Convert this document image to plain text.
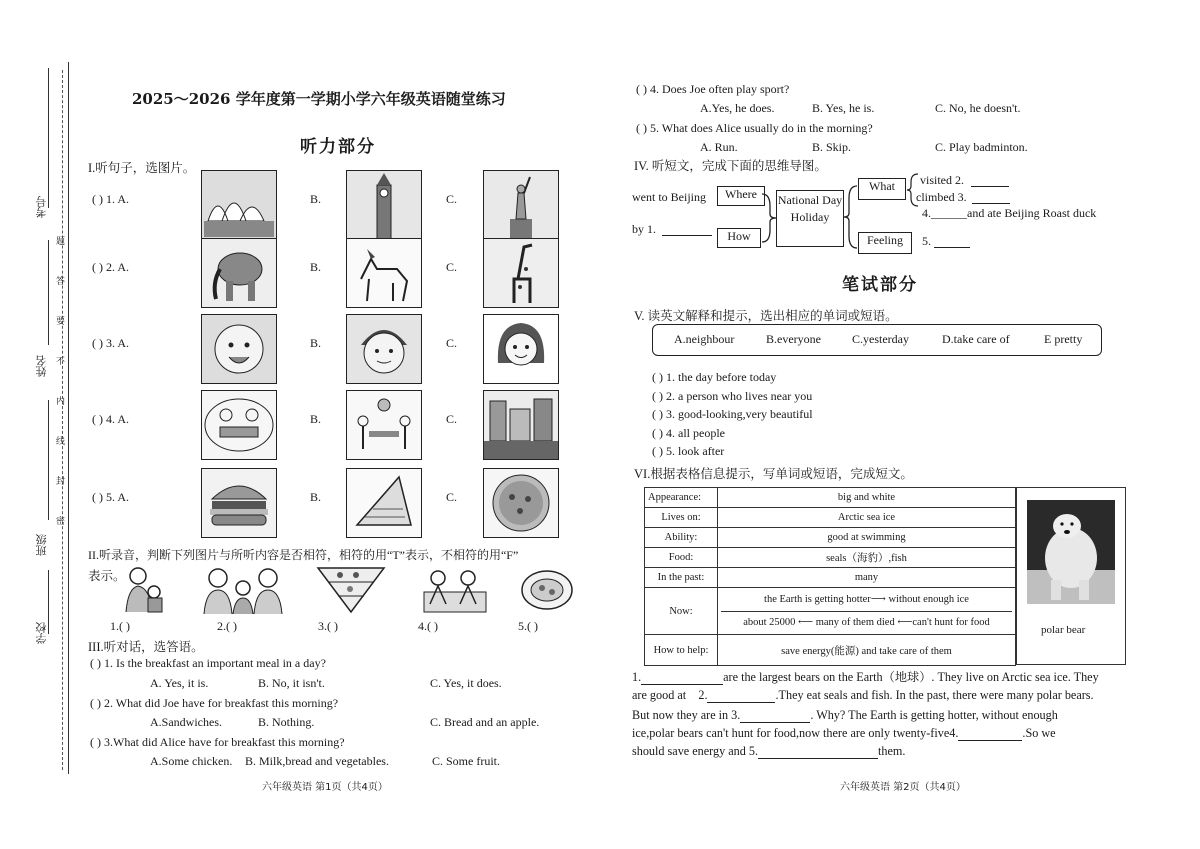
考号
姓名
班级
学校
题
答
要
不
内
线
封
密
2025～2026 学年度第一学期小学六年级英语随堂练习
听力部分
I.听句子，选图片。
( ) 1. A.	B.	C.
( ) 2. A.	B.	C.
( ) 3. A.	B.	C.
( ) 4. A.	B.	C.
( ) 5. A.	B.	C.
II.听录音，判断下列图片与所听内容是否相符，相符的用“T”表示，不相符的用“F”
表示。
1.( )	2.( )	3.( )	4.( )	5.( )
III.听对话，选答语。
( ) 1. Is the breakfast an important meal in a day?
A. Yes, it is.	B. No, it isn't.	C. Yes, it does.
( ) 2. What did Joe have for breakfast this morning?
A.Sandwiches.	B. Nothing.	C. Bread and an apple.
( ) 3.What did Alice have for breakfast this morning?
A.Some chicken. B. Milk,bread and vegetables.	C. Some fruit.
六年级英语 第1页（共4页）
( ) 4. Does Joe often play sport?
A.Yes, he does.	B. Yes, he is.	C. No, he doesn't.
( ) 5. What does Alice usually do in the morning?
A. Run.	B. Skip.	C. Play badminton.
IV. 听短文，完成下面的思维导图。
went to Beijing
by 1.
Where
How
National Day Holiday
What
Feeling
visited 2.
climbed 3.
4.______and ate Beijing Roast duck
5.
笔试部分
V. 读英文解释和提示，选出相应的单词或短语。
A.neighbour	B.everyone	C.yesterday	D.take care of	E pretty
( ) 1. the day before today
( ) 2. a person who lives near you
( ) 3. good-looking,very beautiful
( ) 4. all people
( ) 5. look after
VI.根据表格信息提示，写单词或短语，完成短文。
Appearance:	big and white
Lives on:	Arctic sea ice
Ability:	good at swimming
Food:	seals（海豹）,fish
In the past:	many
Now:	the Earth is getting hotter⟶ without enough ice
about 25000 ⟵ many of them died ⟵can't hunt for food

How to help:	save energy(能源) and take care of them
polar bear
1.	are the largest bears on the Earth（地球）. They live on Arctic sea ice. They
are good at    2.	.They eat seals and fish. In the past, there were many polar bears.
But now they are in 3.	. Why? The Earth is getting hotter, without enough
ice,polar bears can't hunt for food,now there are only twenty-five4.	.So we
should save energy and 5.	them.
六年级英语 第2页（共4页）
